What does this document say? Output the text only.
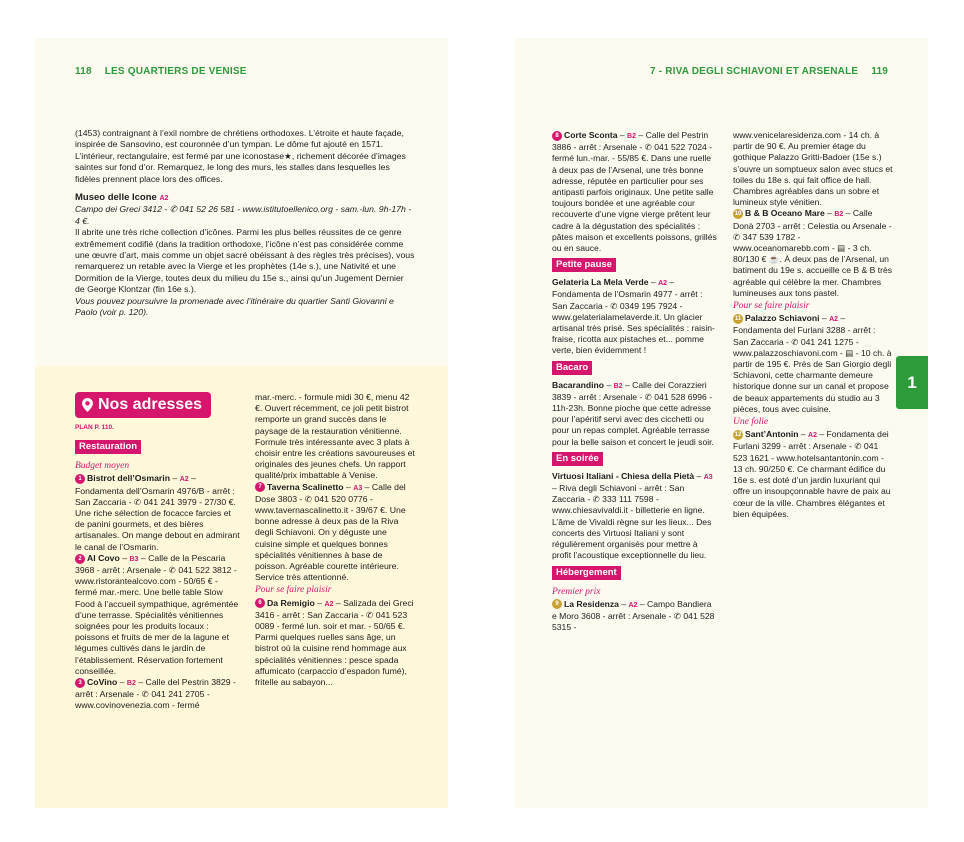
118 LES QUARTIERS DE VENISE

(1453) contraignant à l’exil nombre de chrétiens orthodoxes. L’étroite et haute façade, inspirée de Sansovino, est couronnée d’un tympan. Le dôme fut ajouté en 1571. L’intérieur, rectangulaire, est fermé par une iconostase★, richement décorée d’images saintes sur fond d’or. Remarquez, le long des murs, les stalles dans lesquelles les fidèles prennent place lors des offices.

Museo delle Icone A2

Campo dei Greci 3412 - ✆ 041 52 26 581 - www.istitutoellenico.org - sam.-lun. 9h-17h - 4 €.

Il abrite une très riche collection d’icônes. Parmi les plus belles réussites de ce genre extrêmement codifié (dans la tradition orthodoxe, l’icône n’est pas considérée comme une œuvre d’art, mais comme un objet sacré obéissant à des règles très précises), vous remarquerez un retable avec la Vierge et les prophètes (14e s.), une Nativité et une Dormition de la Vierge, toutes deux du milieu du 15e s., ainsi qu’un Jugement Dernier de George Klontzar (fin 16e s.).

Vous pouvez poursuivre la promenade avec l’itinéraire du quartier Santi Giovanni e Paolo (voir p. 120).

Nos adresses
PLAN P. 110.
Restauration
Budget moyen

1 Bistrot dell’Osmarin – A2 – Fondamenta dell’Osmarin 4976/B - arrêt : San Zaccaria - ✆ 041 241 3979 - 27/30 €. Une riche sélection de focacce farcies et de panini gourmets, et des bières artisanales. On mange debout en admirant le canal de l’Osmarin.

2 Al Covo – B3 – Calle de la Pescaria 3968 - arrêt : Arsenale - ✆ 041 522 3812 - www.ristorantealcovo.com - 50/65 € - fermé mar.-merc. Une belle table Slow Food à l’accueil sympathique, agrémentée d’une terrasse. Spécialités vénitiennes soignées pour les produits locaux : poissons et fruits de mer de la lagune et légumes cultivés dans le jardin de l’établissement. Réservation fortement conseillée.

3 CoVino – B2 – Calle del Pestrin 3829 - arrêt : Arsenale - ✆ 041 241 2705 - www.covinovenezia.com - fermé

mar.-merc. - formule midi 30 €, menu 42 €. Ouvert récemment, ce joli petit bistrot remporte un grand succès dans le paysage de la restauration vénitienne. Formule très intéressante avec 3 plats à choisir entre les créations savoureuses et originales des jeunes chefs. Un rapport qualité/prix imbattable à Venise.

7 Taverna Scalinetto – A3 – Calle del Dose 3803 - ✆ 041 520 0776 - www.tavernascalinetto.it - 39/67 €. Une bonne adresse à deux pas de la Riva degli Schiavoni. On y déguste une cuisine simple et quelques bonnes spécialités vénitiennes à base de poisson. Agréable courette intérieure. Service très attentionné.

Pour se faire plaisir

6 Da Remigio – A2 – Salizada dei Greci 3416 - arrêt : San Zaccaria - ✆ 041 523 0089 - fermé lun. soir et mar. - 50/65 €. Parmi quelques ruelles sans âge, un bistrot où la cuisine rend hommage aux spécialités vénitiennes : pesce spada affumicato (carpaccio d’espadon fumé), fritelle au sabayon...

7 - RIVA DEGLI SCHIAVONI ET ARSENALE 119

8 Corte Sconta – B2 – Calle del Pestrin 3886 - arrêt : Arsenale - ✆ 041 522 7024 - fermé lun.-mar. - 55/85 €. Dans une ruelle à deux pas de l’Arsenal, une très bonne adresse, réputée en particulier pour ses antipasti parfois originaux. Une petite salle toujours bondée et une agréable cour recouverte d’une vigne vierge prêtent leur cadre à la dégustation des spécialités : pâtes maison et excellents poissons, grillés ou en sauce.

Petite pause

Gelateria La Mela Verde – A2 – Fondamenta de l’Osmarin 4977 - arrêt : San Zaccaria - ✆ 0349 195 7924 - www.gelaterialamelaverde.it. Un glacier artisanal très prisé. Ses spécialités : raisin-fraise, ricotta aux pistaches et... pomme verte, bien évidemment !

Bacaro

Bacarandino – B2 – Calle dei Corazzieri 3839 - arrêt : Arsenale - ✆ 041 528 6996 - 11h-23h. Bonne pioche que cette adresse pour l’apéritif servi avec des cicchetti ou pour un repas complet. Agréable terrasse pour la belle saison et concert le jeudi soir.

En soirée

Virtuosi Italiani - Chiesa della Pietà – A3 – Riva degli Schiavoni - arrêt : San Zaccaria - ✆ 333 111 7598 - www.chiesavivaldi.it - billetterie en ligne. L’âme de Vivaldi règne sur les lieux... Des concerts des Virtuosi Italiani y sont régulièrement organisés pour mettre à profit l’acoustique exceptionnelle du lieu.

Hébergement
Premier prix

9 La Residenza – A2 – Campo Bandiera e Moro 3608 - arrêt : Arsenale - ✆ 041 528 5315 -

www.venicelaresidenza.com - 14 ch. à partir de 90 €. Au premier étage du gothique Palazzo Gritti-Badoer (15e s.) s’ouvre un somptueux salon avec stucs et toiles du 18e s. qui fait office de hall. Chambres agréables dans un sobre et lumineux style vénitien.

10 B & B Oceano Mare – B2 – Calle Donà 2703 - arrêt : Celestia ou Arsenale - ✆ 347 539 1782 - www.oceanomarebb.com - ▤ - 3 ch. 80/130 € ☕. À deux pas de l’Arsenal, un batiment du 19e s. accueille ce B & B très agréable qui célèbre la mer. Chambres lumineuses aux tons pastel.

Pour se faire plaisir

11 Palazzo Schiavoni – A2 – Fondamenta del Furlani 3288 - arrêt : San Zaccaria - ✆ 041 241 1275 - www.palazzoschiavoni.com - ▤ - 10 ch. à partir de 195 €. Près de San Giorgio degli Schiavoni, cette charmante demeure historique donne sur un canal et propose de beaux appartements du studio au 3 pièces, tous avec cuisine.

Une folie

12 Sant’Antonin – A2 – Fondamenta dei Furlani 3299 - arrêt : Arsenale - ✆ 041 523 1621 - www.hotelsantantonin.com - 13 ch. 90/250 €. Ce charmant édifice du 16e s. est doté d’un jardin luxuriant qui offre un insoupçonnable havre de paix au cœur de la ville. Chambres élégantes et bien équipées.

1
